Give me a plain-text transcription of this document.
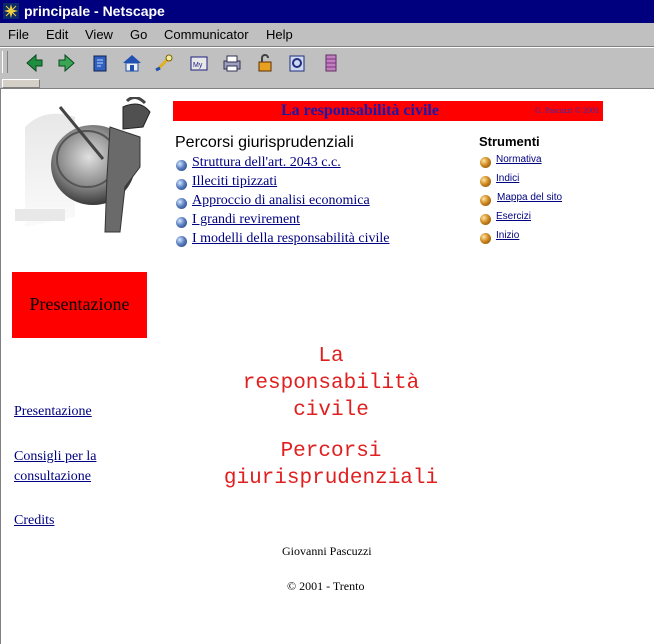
principale - Netscape
File Edit View Go Communicator Help
My
La responsabilità civile	G. Pascuzzi © 2001
Percorsi giurisprudenziali
Struttura dell'art. 2043 c.c.
Illeciti tipizzati
Approccio di analisi economica
I grandi revirement
I modelli della responsabilità civile
Strumenti
Normativa
Indici
Mappa del sito
Esercizi
Inizio
Presentazione
La
responsabilità
civile
Percorsi
giurisprudenziali
Presentazione
Consigli per la
consultazione
Credits
Giovanni Pascuzzi
© 2001 - Trento
